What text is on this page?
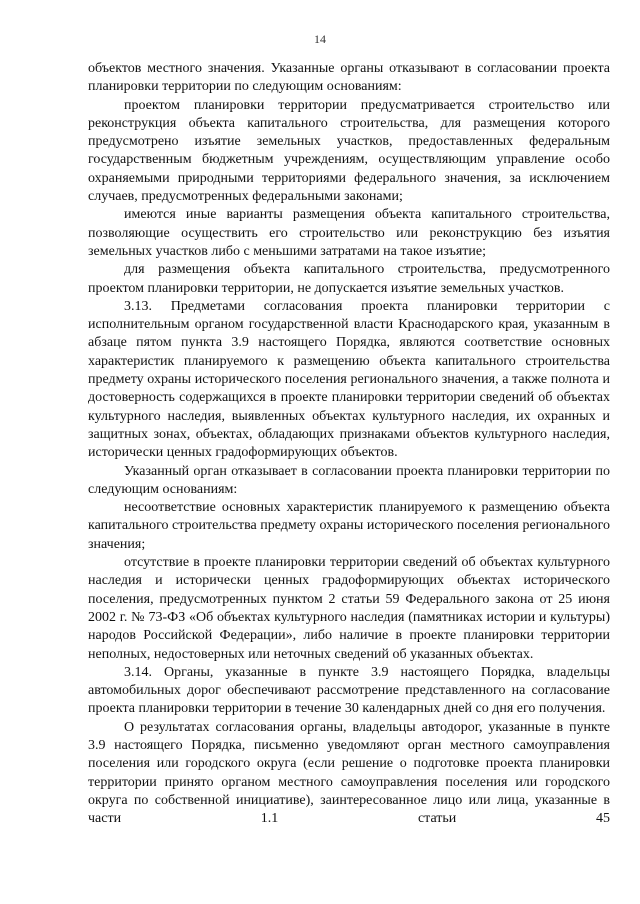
14

объектов местного значения. Указанные органы отказывают в согласовании проекта планировки территории по следующим основаниям:

проектом планировки территории предусматривается строительство или реконструкция объекта капитального строительства, для размещения которого предусмотрено изъятие земельных участков, предоставленных федеральным государственным бюджетным учреждениям, осуществляющим управление особо охраняемыми природными территориями федерального значения, за исключением случаев, предусмотренных федеральными законами;

имеются иные варианты размещения объекта капитального строительства, позволяющие осуществить его строительство или реконструкцию без изъятия земельных участков либо с меньшими затратами на такое изъятие;

для размещения объекта капитального строительства, предусмотренного проектом планировки территории, не допускается изъятие земельных участков.

3.13. Предметами согласования проекта планировки территории с исполнительным органом государственной власти Краснодарского края, указанным в абзаце пятом пункта 3.9 настоящего Порядка, являются соответствие основных характеристик планируемого к размещению объекта капитального строительства предмету охраны исторического поселения регионального значения, а также полнота и достоверность содержащихся в проекте планировки территории сведений об объектах культурного наследия, выявленных объектах культурного наследия, их охранных и защитных зонах, объектах, обладающих признаками объектов культурного наследия, исторически ценных градоформирующих объектов.

Указанный орган отказывает в согласовании проекта планировки территории по следующим основаниям:

несоответствие основных характеристик планируемого к размещению объекта капитального строительства предмету охраны исторического поселения регионального значения;

отсутствие в проекте планировки территории сведений об объектах культурного наследия и исторически ценных градоформирующих объектах исторического поселения, предусмотренных пунктом 2 статьи 59 Федерального закона от 25 июня 2002 г. № 73-ФЗ «Об объектах культурного наследия (памятниках истории и культуры) народов Российской Федерации», либо наличие в проекте планировки территории неполных, недостоверных или неточных сведений об указанных объектах.

3.14. Органы, указанные в пункте 3.9 настоящего Порядка, владельцы автомобильных дорог обеспечивают рассмотрение представленного на согласование проекта планировки территории в течение 30 календарных дней со дня его получения.

О результатах согласования органы, владельцы автодорог, указанные в пункте 3.9 настоящего Порядка, письменно уведомляют орган местного самоуправления поселения или городского округа (если решение о подготовке проекта планировки территории принято органом местного самоуправления поселения или городского округа по собственной инициативе), заинтересованное лицо или лица, указанные в части 1.1 статьи 45
